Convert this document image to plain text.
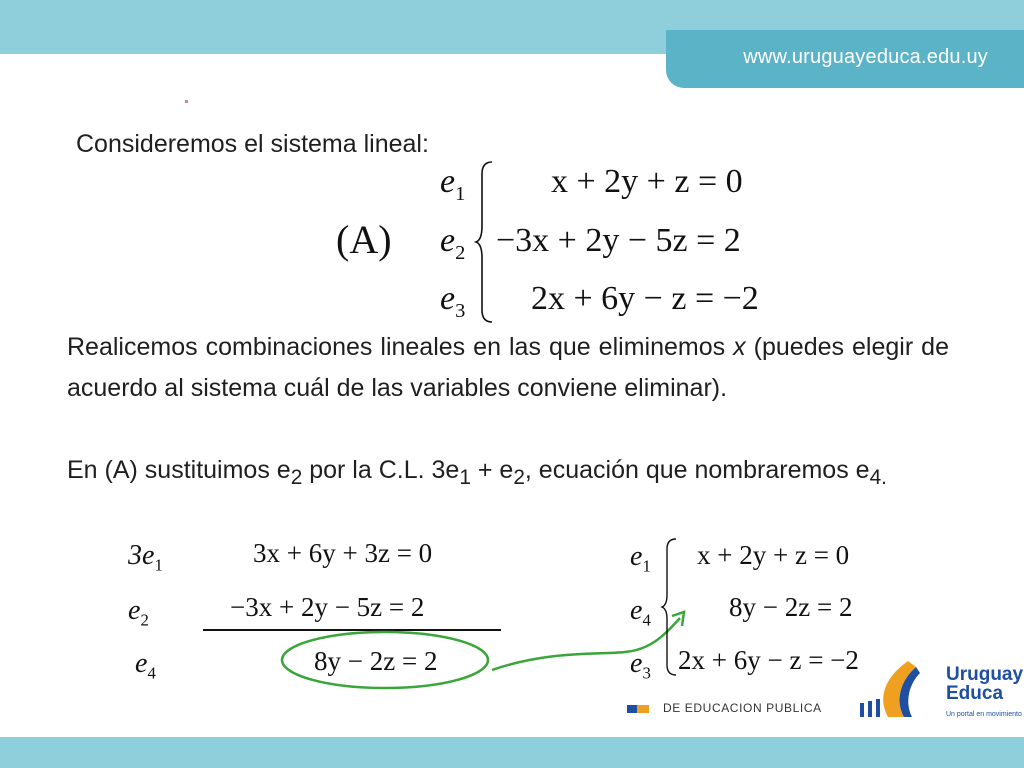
www.uruguayeduca.edu.uy
Consideremos el sistema lineal:
(A)
$e_1$
$e_2$
$e_3$
x + 2y + z = 0
−3x + 2y − 5z = 2
2x + 6y − z = −2
Realicemos combinaciones lineales en las que eliminemos x (puedes elegir de acuerdo al sistema cuál de las variables conviene eliminar).
En (A) sustituimos $e_2$ por la C.L. $3e_1 + e_2$, ecuación que nombraremos $e_{4.}$
$3e_1$
$e_2$
$e_4$
3x + 6y + 3z = 0
−3x + 2y − 5z = 2
8y − 2z = 2
$e_1$
$e_4$
$e_3$
x + 2y + z = 0
8y − 2z = 2
2x + 6y − z = −2
DE EDUCACION PUBLICA
Uruguay
Educa
Un portal en movimiento
